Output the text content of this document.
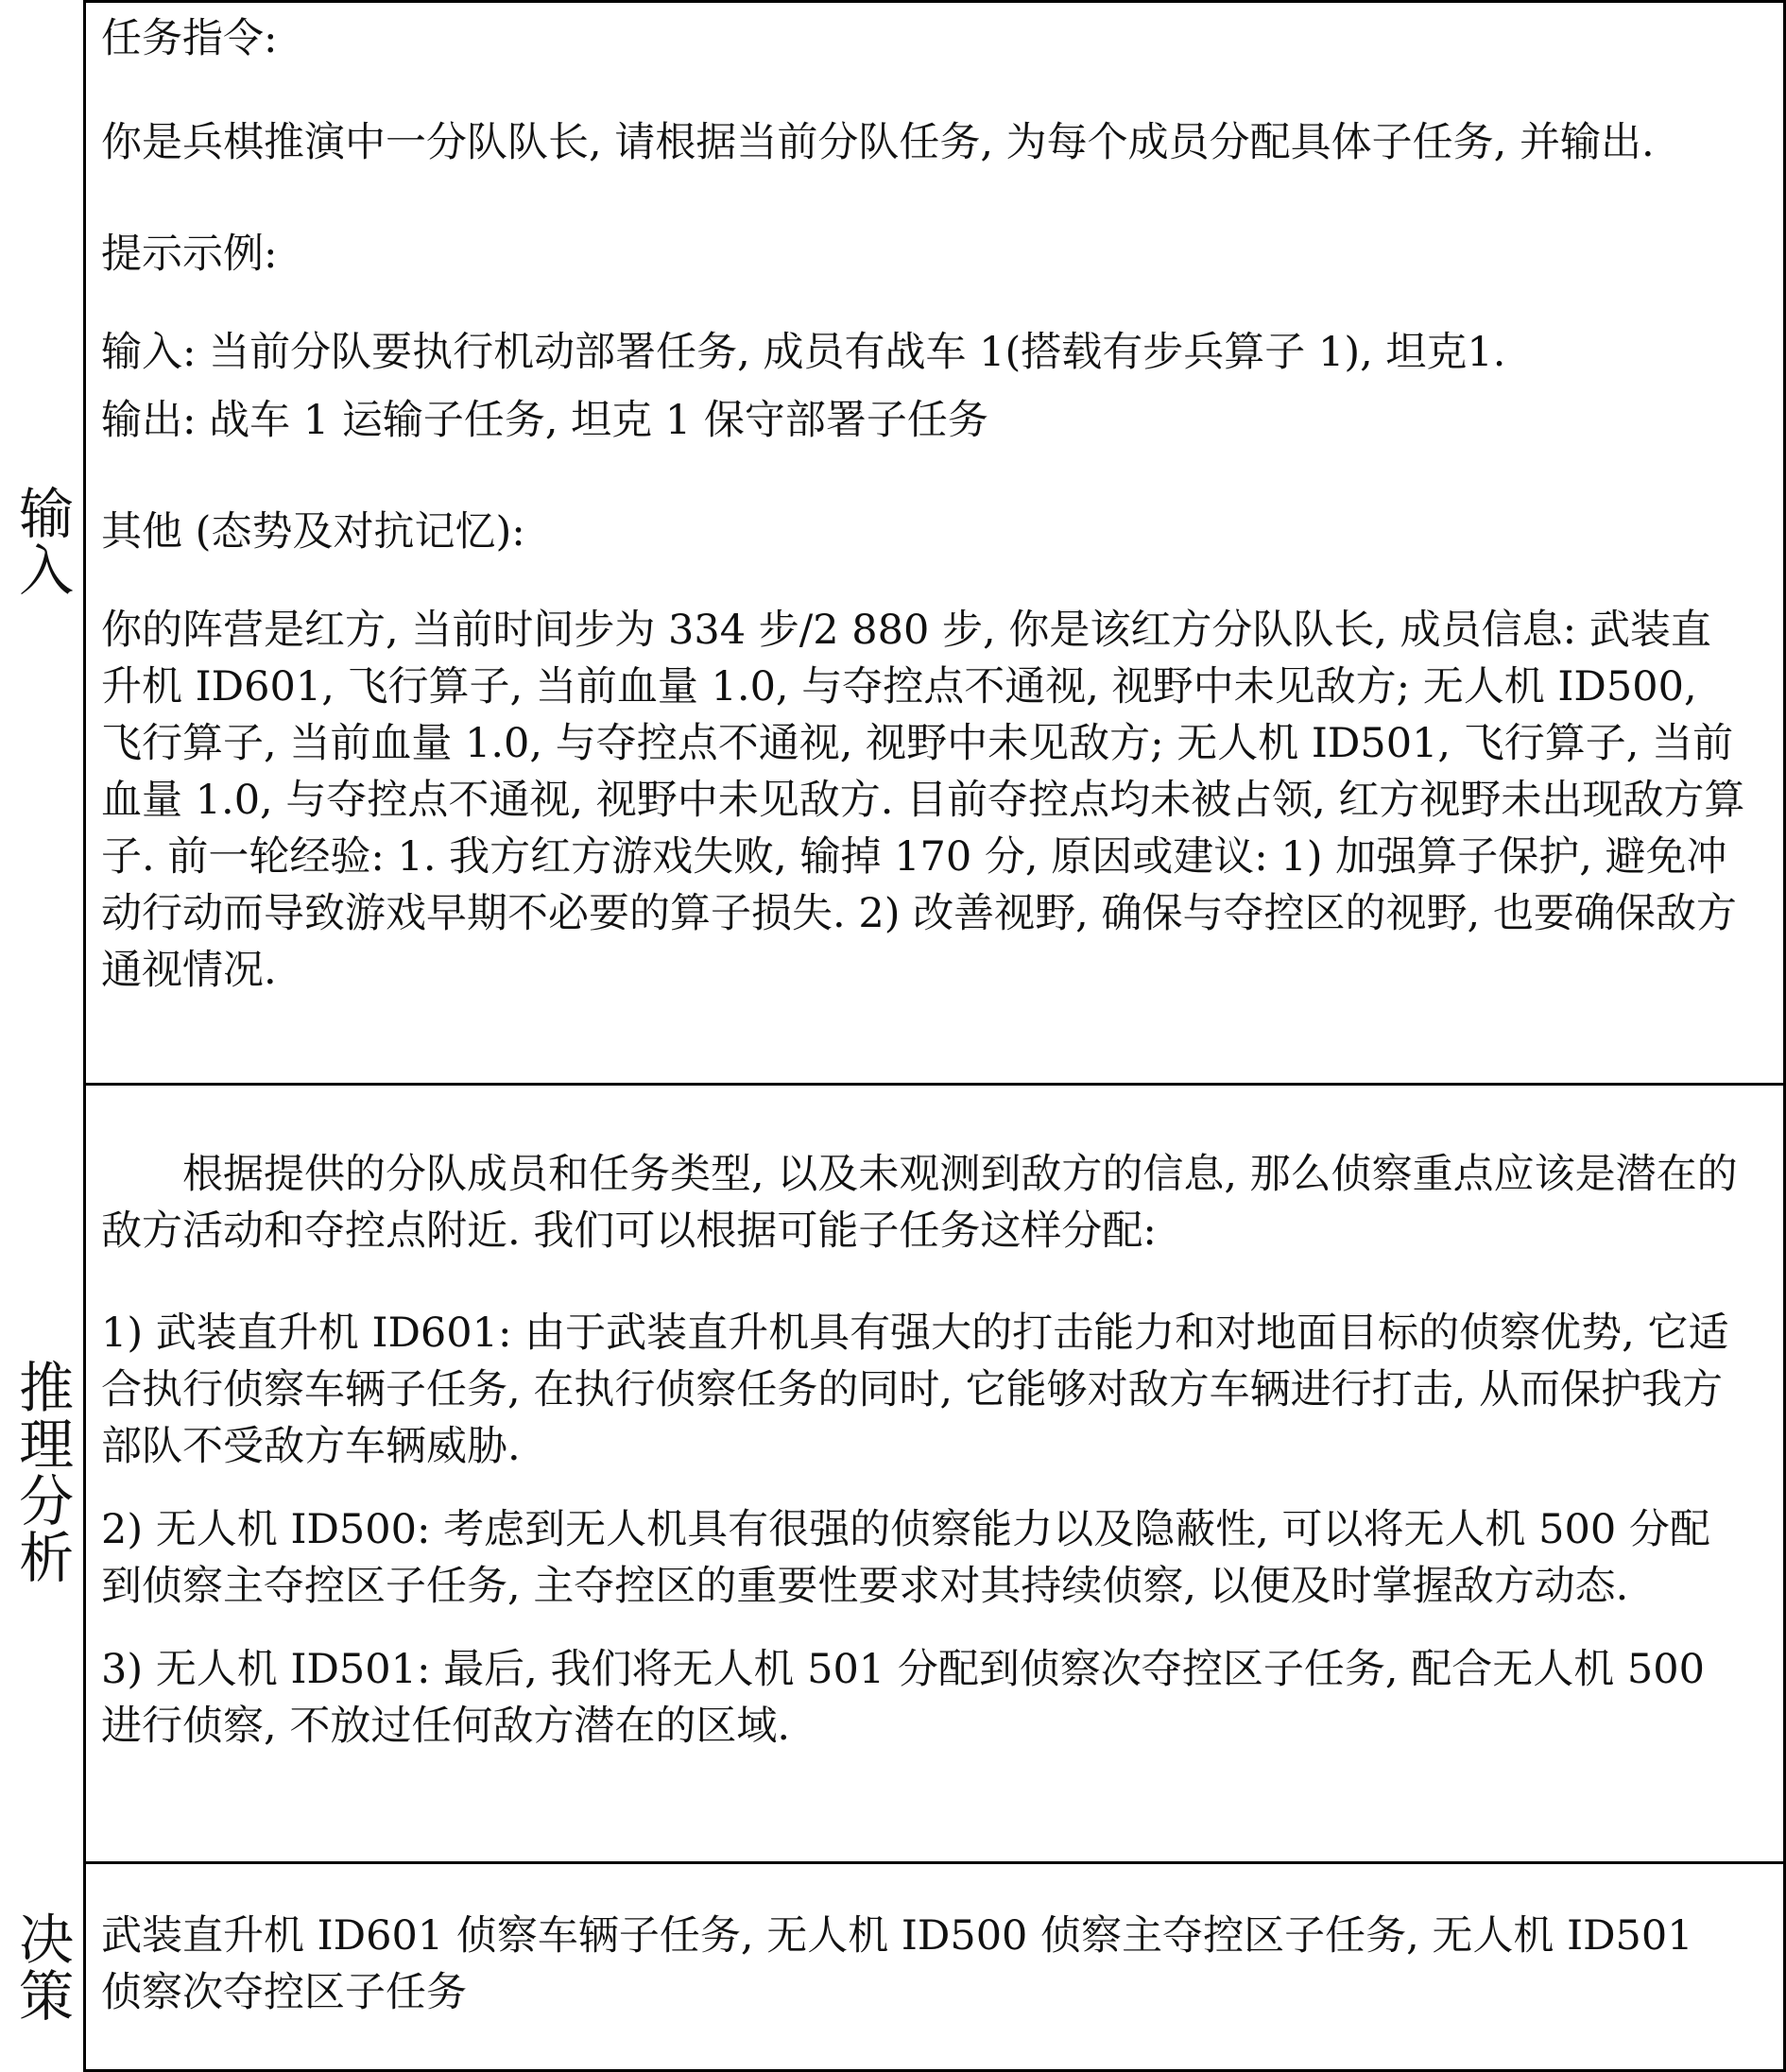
输入

任务指令:

你是兵棋推演中一分队队长, 请根据当前分队任务, 为每个成员分配具体子任务, 并输出.

提示示例:

输入: 当前分队要执行机动部署任务, 成员有战车 1(搭载有步兵算子 1), 坦克1.

输出: 战车 1 运输子任务, 坦克 1 保守部署子任务

其他 (态势及对抗记忆):

你的阵营是红方, 当前时间步为 334 步/2 880 步, 你是该红方分队队长, 成员信息: 武装直升机 ID601, 飞行算子, 当前血量 1.0, 与夺控点不通视, 视野中未见敌方; 无人机 ID500, 飞行算子, 当前血量 1.0, 与夺控点不通视, 视野中未见敌方; 无人机 ID501, 飞行算子, 当前血量 1.0, 与夺控点不通视, 视野中未见敌方. 目前夺控点均未被占领, 红方视野未出现敌方算子. 前一轮经验: 1. 我方红方游戏失败, 输掉 170 分, 原因或建议: 1) 加强算子保护, 避免冲动行动而导致游戏早期不必要的算子损失. 2) 改善视野, 确保与夺控区的视野, 也要确保敌方通视情况.

推理分析

根据提供的分队成员和任务类型, 以及未观测到敌方的信息, 那么侦察重点应该是潜在的敌方活动和夺控点附近. 我们可以根据可能子任务这样分配:

1) 武装直升机 ID601: 由于武装直升机具有强大的打击能力和对地面目标的侦察优势, 它适合执行侦察车辆子任务, 在执行侦察任务的同时, 它能够对敌方车辆进行打击, 从而保护我方部队不受敌方车辆威胁.

2) 无人机 ID500: 考虑到无人机具有很强的侦察能力以及隐蔽性, 可以将无人机 500 分配到侦察主夺控区子任务, 主夺控区的重要性要求对其持续侦察, 以便及时掌握敌方动态.

3) 无人机 ID501: 最后, 我们将无人机 501 分配到侦察次夺控区子任务, 配合无人机 500 进行侦察, 不放过任何敌方潜在的区域.

决策 武装直升机 ID601 侦察车辆子任务, 无人机 ID500 侦察主夺控区子任务, 无人机 ID501 侦察次夺控区子任务
